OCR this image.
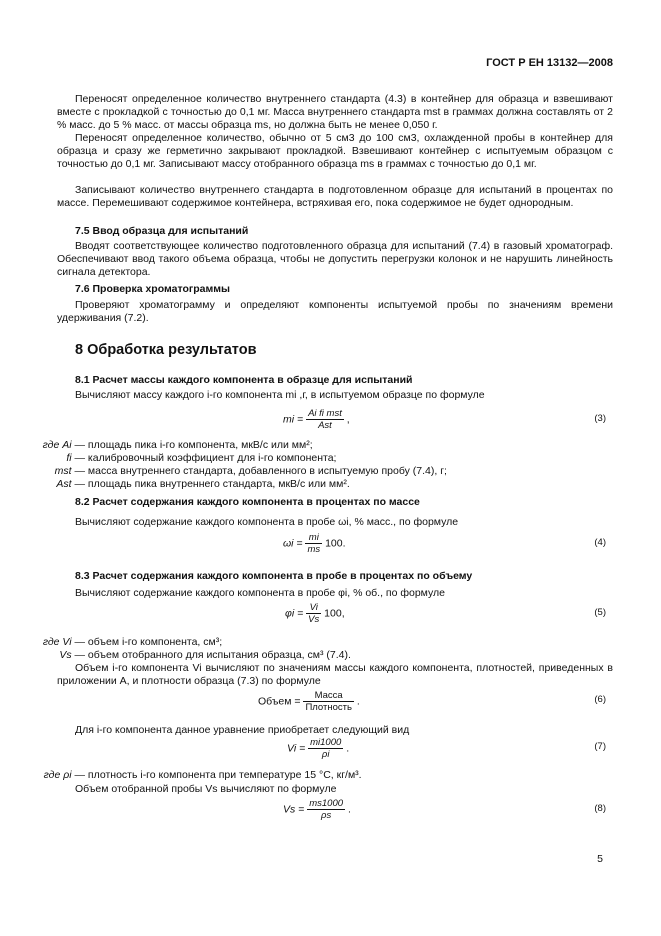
ГОСТ Р ЕН 13132—2008
Переносят определенное количество внутреннего стандарта (4.3) в контейнер для образца и взвешивают вместе с прокладкой с точностью до 0,1 мг. Масса внутреннего стандарта mst в граммах должна составлять от 2 % масс. до 5 % масс. от массы образца ms, но должна быть не менее 0,050 г.
Переносят определенное количество, обычно от 5 см3 до 100 см3, охлажденной пробы в контейнер для образца и сразу же герметично закрывают прокладкой. Взвешивают контейнер с испытуемым образцом с точностью до 0,1 мг. Записывают массу отобранного образца ms в граммах с точностью до 0,1 мг.
Записывают количество внутреннего стандарта в подготовленном образце для испытаний в процентах по массе. Перемешивают содержимое контейнера, встряхивая его, пока содержимое не будет однородным.
7.5 Ввод образца для испытаний
Вводят соответствующее количество подготовленного образца для испытаний (7.4) в газовый хроматограф. Обеспечивают ввод такого объема образца, чтобы не допустить перегрузки колонок и не нарушить линейность сигнала детектора.
7.6 Проверка хроматограммы
Проверяют хроматограмму и определяют компоненты испытуемой пробы по значениям времени удерживания (7.2).
8 Обработка результатов
8.1 Расчет массы каждого компонента в образце для испытаний
Вычисляют массу каждого i-го компонента mi ,г, в испытуемом образце по формуле
mi = $\frac{\text{Ai fi mst}}{\text{Ast}}$ ,	(3)
где Ai — площадь пика i-го компонента, мкВ/с или мм²;
fi — калибровочный коэффициент для i-го компонента;
mst — масса внутреннего стандарта, добавленного в испытуемую пробу (7.4), г;
Ast — площадь пика внутреннего стандарта, мкВ/с или мм².
8.2 Расчет содержания каждого компонента в процентах по массе
Вычисляют содержание каждого компонента в пробе ωi, % масс., по формуле
$\omega i = \frac{mi}{ms} 100$.	(4)
8.3 Расчет содержания каждого компонента в пробе в процентах по объему
Вычисляют содержание каждого компонента в пробе φi, % об., по формуле
$\varphi i = \frac{Vi}{Vs} 100$,	(5)
где Vi — объем i-го компонента, см³;
Vs — объем отобранного для испытания образца, см³ (7.4).
Объем i-го компонента Vi вычисляют по значениям массы каждого компонента, плотностей, приведенных в приложении А, и плотности образца (7.3) по формуле
Объем = $\frac{\text{Масса}}{\text{Плотность}}$ .	(6)
Для i-го компонента данное уравнение приобретает следующий вид
$Vi = \frac{mi1000}{\rho i}$ .	(7)
где ρi — плотность i-го компонента при температуре 15 °С, кг/м³.
Объем отобранной пробы Vs вычисляют по формуле
$Vs = \frac{ms1000}{\rho s}$ .	(8)
5
